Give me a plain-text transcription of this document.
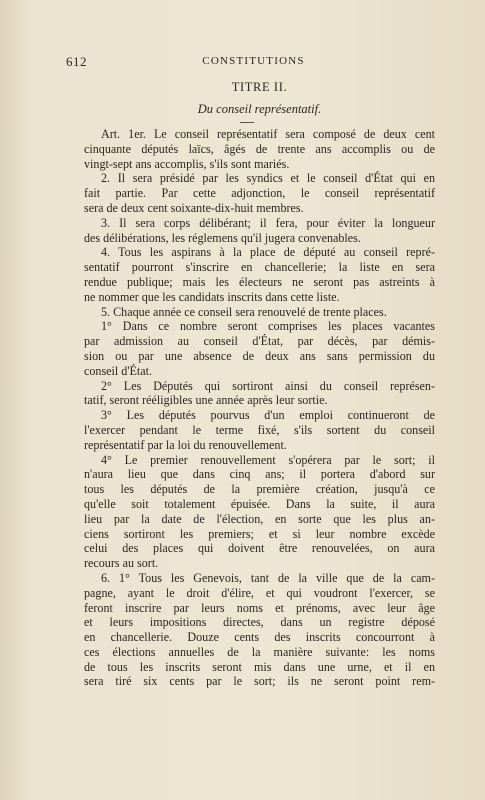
612	CONSTITUTIONS
TITRE II.
Du conseil représentatif.
Art. 1er. Le conseil représentatif sera composé de deux cent
cinquante députés laïcs, âgés de trente ans accomplis ou de
vingt-sept ans accomplis, s'ils sont mariés.
2. Il sera présidé par les syndics et le conseil d'État qui en
fait partie. Par cette adjonction, le conseil représentatif
sera de deux cent soixante-dix-huit membres.
3. Il sera corps délibérant; il fera, pour éviter la longueur
des délibérations, les réglemens qu'il jugera convenables.
4. Tous les aspirans à la place de député au conseil repré-
sentatif pourront s'inscrire en chancellerie; la liste en sera
rendue publique; mais les électeurs ne seront pas astreints à
ne nommer que les candidats inscrits dans cette liste.
5. Chaque année ce conseil sera renouvelé de trente places.
1° Dans ce nombre seront comprises les places vacantes
par admission au conseil d'État, par décès, par démis-
sion ou par une absence de deux ans sans permission du
conseil d'État.
2° Les Députés qui sortiront ainsi du conseil représen-
tatif, seront rééligibles une année après leur sortie.
3° Les députés pourvus d'un emploi continueront de
l'exercer pendant le terme fixé, s'ils sortent du conseil
représentatif par la loi du renouvellement.
4° Le premier renouvellement s'opérera par le sort; il
n'aura lieu que dans cinq ans; il portera d'abord sur
tous les députés de la première création, jusqu'à ce
qu'elle soit totalement épuisée. Dans la suite, il aura
lieu par la date de l'élection, en sorte que les plus an-
ciens sortiront les premiers; et si leur nombre excède
celui des places qui doivent être renouvelées, on aura
recours au sort.
6. 1° Tous les Genevois, tant de la ville que de la cam-
pagne, ayant le droit d'élire, et qui voudront l'exercer, se
feront inscrire par leurs noms et prénoms, avec leur âge
et leurs impositions directes, dans un registre déposé
en chancellerie. Douze cents des inscrits concourront à
ces élections annuelles de la manière suivante: les noms
de tous les inscrits seront mis dans une urne, et il en
sera tiré six cents par le sort; ils ne seront point rem-
